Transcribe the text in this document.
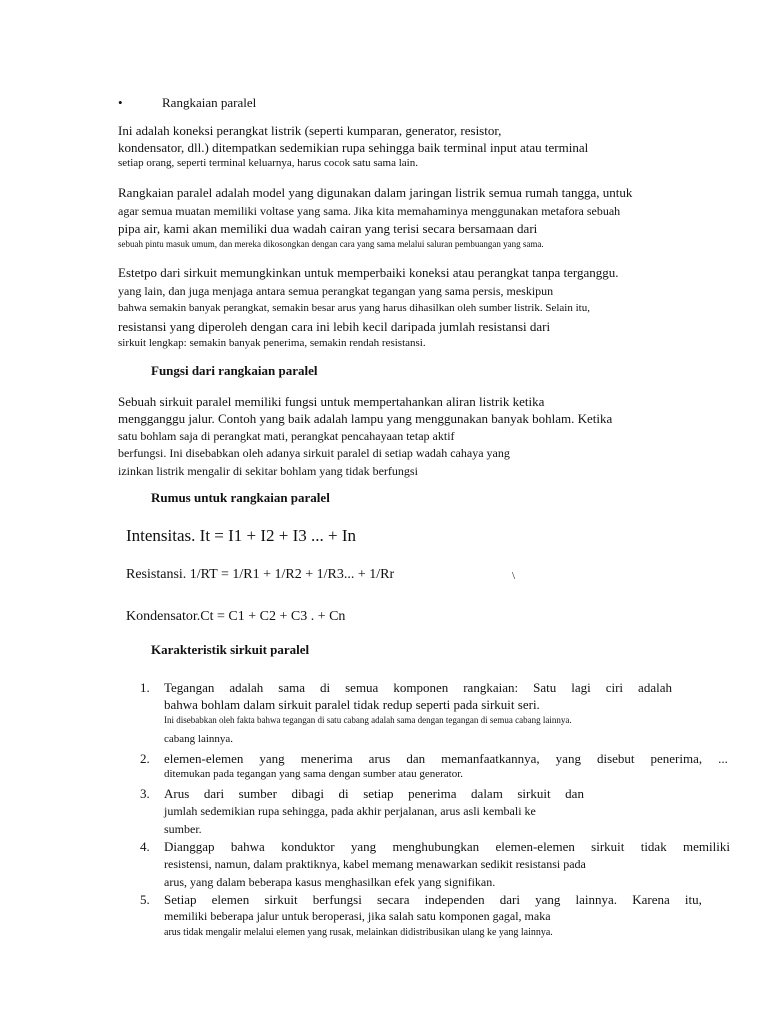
•	Rangkaian paralel
Ini adalah koneksi perangkat listrik (seperti kumparan, generator, resistor,
kondensator, dll.) ditempatkan sedemikian rupa sehingga baik terminal input atau terminal
setiap orang, seperti terminal keluarnya, harus cocok satu sama lain.
Rangkaian paralel adalah model yang digunakan dalam jaringan listrik semua rumah tangga, untuk
agar semua muatan memiliki voltase yang sama. Jika kita memahaminya menggunakan metafora sebuah
pipa air, kami akan memiliki dua wadah cairan yang terisi secara bersamaan dari
sebuah pintu masuk umum, dan mereka dikosongkan dengan cara yang sama melalui saluran pembuangan yang sama.
Estetpo dari sirkuit memungkinkan untuk memperbaiki koneksi atau perangkat tanpa terganggu.
yang lain, dan juga menjaga antara semua perangkat tegangan yang sama persis, meskipun
bahwa semakin banyak perangkat, semakin besar arus yang harus dihasilkan oleh sumber listrik. Selain itu,
resistansi yang diperoleh dengan cara ini lebih kecil daripada jumlah resistansi dari
sirkuit lengkap: semakin banyak penerima, semakin rendah resistansi.
Fungsi dari rangkaian paralel
Sebuah sirkuit paralel memiliki fungsi untuk mempertahankan aliran listrik ketika
mengganggu jalur. Contoh yang baik adalah lampu yang menggunakan banyak bohlam. Ketika
satu bohlam saja di perangkat mati, perangkat pencahayaan tetap aktif
berfungsi. Ini disebabkan oleh adanya sirkuit paralel di setiap wadah cahaya yang
izinkan listrik mengalir di sekitar bohlam yang tidak berfungsi
Rumus untuk rangkaian paralel
Intensitas. It = I1 + I2 + I3 ... + In
Resistansi. 1/RT = 1/R1 + 1/R2 + 1/R3... + 1/Rr	\
Kondensator.Ct = C1 + C2 + C3 . + Cn
Karakteristik sirkuit paralel
1. Tegangan adalah sama di semua komponen rangkaian: Satu lagi ciri adalah
bahwa bohlam dalam sirkuit paralel tidak redup seperti pada sirkuit seri.
Ini disebabkan oleh fakta bahwa tegangan di satu cabang adalah sama dengan tegangan di semua cabang lainnya.
cabang lainnya.
2. elemen-elemen yang menerima arus dan memanfaatkannya, yang disebut penerima, ...
ditemukan pada tegangan yang sama dengan sumber atau generator.
3. Arus dari sumber dibagi di setiap penerima dalam sirkuit dan
jumlah sedemikian rupa sehingga, pada akhir perjalanan, arus asli kembali ke
sumber.
4. Dianggap bahwa konduktor yang menghubungkan elemen-elemen sirkuit tidak memiliki
resistensi, namun, dalam praktiknya, kabel memang menawarkan sedikit resistansi pada
arus, yang dalam beberapa kasus menghasilkan efek yang signifikan.
5. Setiap elemen sirkuit berfungsi secara independen dari yang lainnya. Karena itu,
memiliki beberapa jalur untuk beroperasi, jika salah satu komponen gagal, maka
arus tidak mengalir melalui elemen yang rusak, melainkan didistribusikan ulang ke yang lainnya.
